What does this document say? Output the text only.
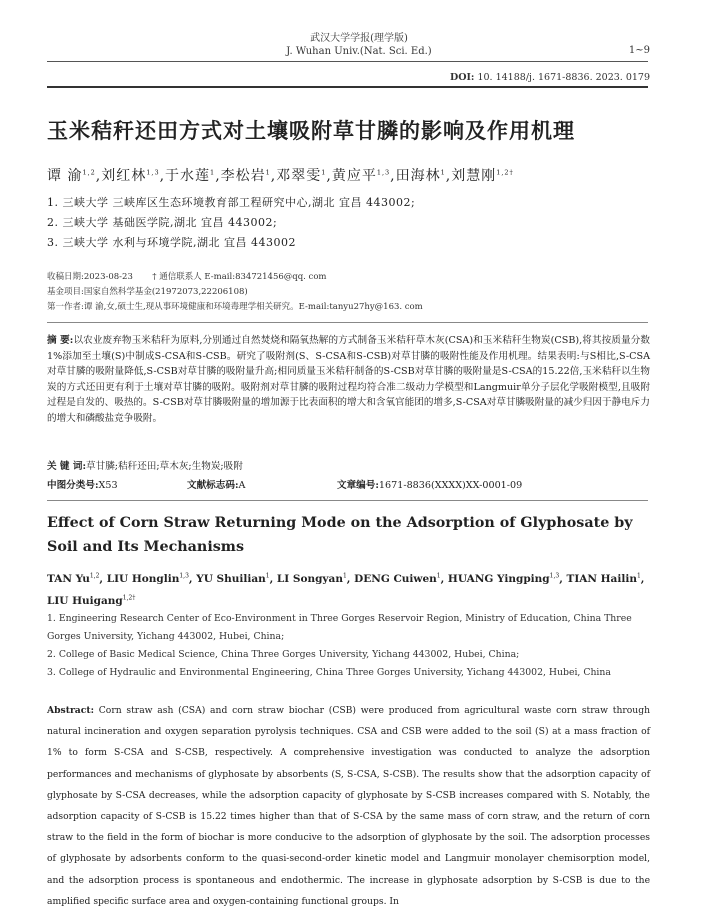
武汉大学学报(理学版)
J. Wuhan Univ.(Nat. Sci. Ed.)	1~9
DOI: 10. 14188/j. 1671-8836. 2023. 0179
玉米秸秆还田方式对土壤吸附草甘膦的影响及作用机理
谭 渝$^{1,2}$,刘红林$^{1,3}$,于水莲$^1$,李松岩$^1$,邓翠雯$^1$,黄应平$^{1,3}$,田海林$^1$,刘慧刚$^{1,2\dagger}$
1. 三峡大学 三峡库区生态环境教育部工程研究中心,湖北 宜昌 443002;
2. 三峡大学 基础医学院,湖北 宜昌 443002;
3. 三峡大学 水利与环境学院,湖北 宜昌 443002
收稿日期:2023-08-23 † 通信联系人 E-mail:834721456@qq. com
基金项目:国家自然科学基金(21972073,22206108)
第一作者:谭 渝,女,硕士生,现从事环境健康和环境毒理学相关研究。E-mail:tanyu27hy@163. com
摘 要:以农业废弃物玉米秸秆为原料,分别通过自然焚烧和隔氧热解的方式制备玉米秸秆草木灰(CSA)和玉米秸秆生物炭(CSB),将其按质量分数1%添加至土壤(S)中制成S-CSA和S-CSB。研究了吸附剂(S、S-CSA和S-CSB)对草甘膦的吸附性能及作用机理。结果表明:与S相比,S-CSA对草甘膦的吸附量降低,S-CSB对草甘膦的吸附量升高;相同质量玉米秸秆制备的S-CSB对草甘膦的吸附量是S-CSA的15.22倍,玉米秸秆以生物炭的方式还田更有利于土壤对草甘膦的吸附。吸附剂对草甘膦的吸附过程均符合准二级动力学模型和Langmuir单分子层化学吸附模型,且吸附过程是自发的、吸热的。S-CSB对草甘膦吸附量的增加源于比表面积的增大和含氧官能团的增多,S-CSA对草甘膦吸附量的减少归因于静电斥力的增大和磷酸盐竞争吸附。
关 键 词:草甘膦;秸秆还田;草木灰;生物炭;吸附
中图分类号:X53	文献标志码:A	文章编号:1671-8836(XXXX)XX-0001-09
Effect of Corn Straw Returning Mode on the Adsorption of Glyphosate by Soil and Its Mechanisms
TAN Yu$^{1,2}$, LIU Honglin$^{1,3}$, YU Shuilian$^1$, LI Songyan$^1$, DENG Cuiwen$^1$, HUANG Yingping$^{1,3}$, TIAN Hailin$^1$, LIU Huigang$^{1,2\dagger}$
1. Engineering Research Center of Eco-Environment in Three Gorges Reservoir Region, Ministry of Education, China Three Gorges University, Yichang 443002, Hubei, China;
2. College of Basic Medical Science, China Three Gorges University, Yichang 443002, Hubei, China;
3. College of Hydraulic and Environmental Engineering, China Three Gorges University, Yichang 443002, Hubei, China
Abstract: Corn straw ash (CSA) and corn straw biochar (CSB) were produced from agricultural waste corn straw through natural incineration and oxygen separation pyrolysis techniques. CSA and CSB were added to the soil (S) at a mass fraction of 1% to form S-CSA and S-CSB, respectively. A comprehensive investigation was conducted to analyze the adsorption performances and mechanisms of glyphosate by absorbents (S, S-CSA, S-CSB). The results show that the adsorption capacity of glyphosate by S-CSA decreases, while the adsorption capacity of glyphosate by S-CSB increases compared with S. Notably, the adsorption capacity of S-CSB is 15.22 times higher than that of S-CSA by the same mass of corn straw, and the return of corn straw to the field in the form of biochar is more conducive to the adsorption of glyphosate by the soil. The adsorption processes of glyphosate by adsorbents conform to the quasi-second-order kinetic model and Langmuir monolayer chemisorption model, and the adsorption process is spontaneous and endothermic. The increase in glyphosate adsorption by S-CSB is due to the amplified specific surface area and oxygen-containing functional groups. In
